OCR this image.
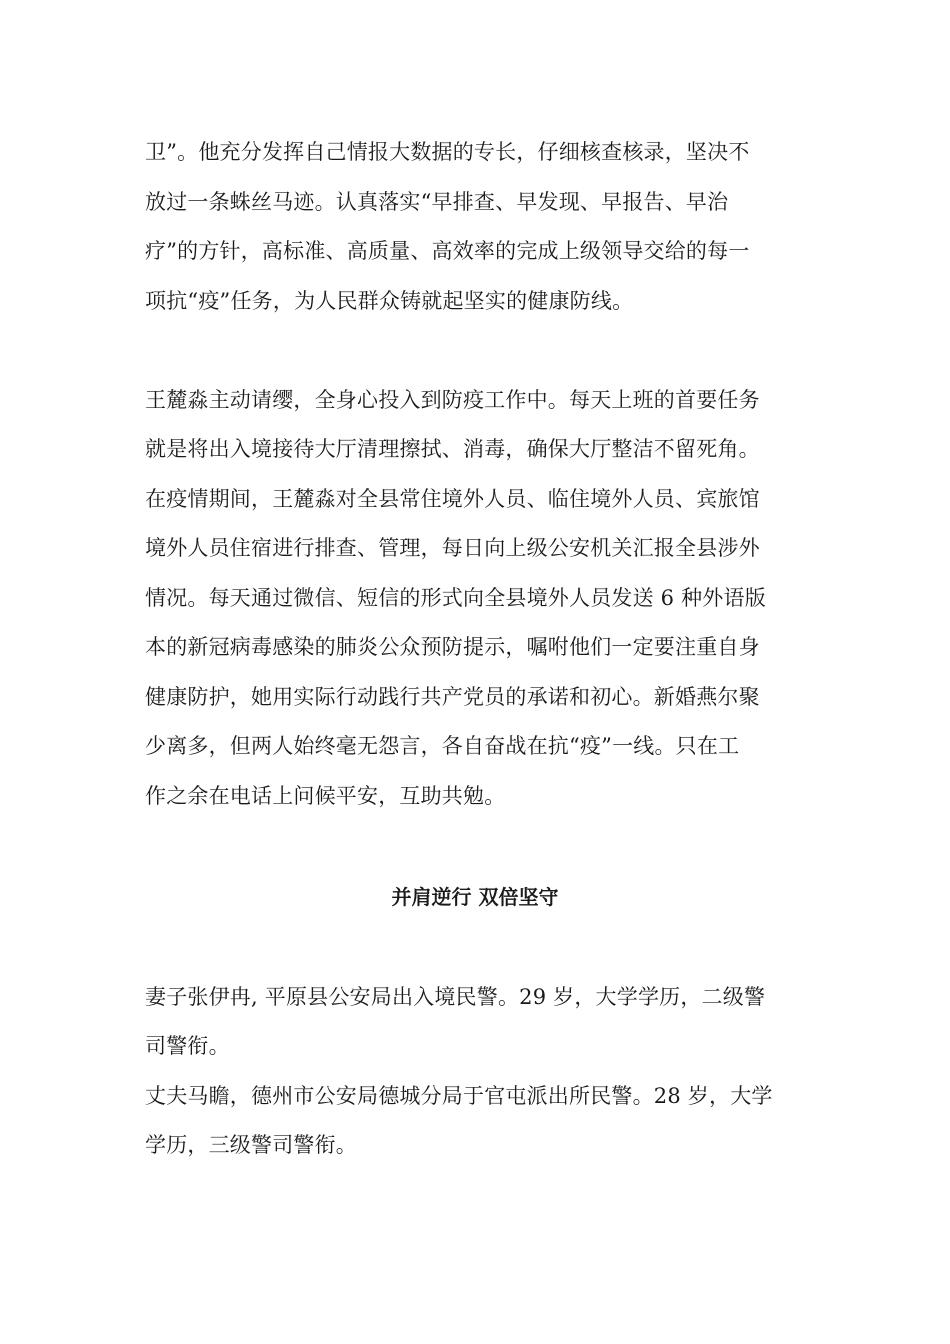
卫”。他充分发挥自己情报大数据的专长，仔细核查核录，坚决不
放过一条蛛丝马迹。认真落实“早排查、早发现、早报告、早治
疗”的方针，高标准、高质量、高效率的完成上级领导交给的每一
项抗“疫”任务，为人民群众铸就起坚实的健康防线。
王麓淼主动请缨，全身心投入到防疫工作中。每天上班的首要任务
就是将出入境接待大厅清理擦拭、消毒，确保大厅整洁不留死角。
在疫情期间，王麓淼对全县常住境外人员、临住境外人员、宾旅馆
境外人员住宿进行排查、管理，每日向上级公安机关汇报全县涉外
情况。每天通过微信、短信的形式向全县境外人员发送 6 种外语版
本的新冠病毒感染的肺炎公众预防提示，嘱咐他们一定要注重自身
健康防护，她用实际行动践行共产党员的承诺和初心。新婚燕尔聚
少离多，但两人始终毫无怨言，各自奋战在抗“疫”一线。只在工
作之余在电话上问候平安，互助共勉。
并肩逆行 双倍坚守
妻子张伊冉, 平原县公安局出入境民警。29 岁，大学学历，二级警
司警衔。
丈夫马瞻，德州市公安局德城分局于官屯派出所民警。28 岁，大学
学历，三级警司警衔。
